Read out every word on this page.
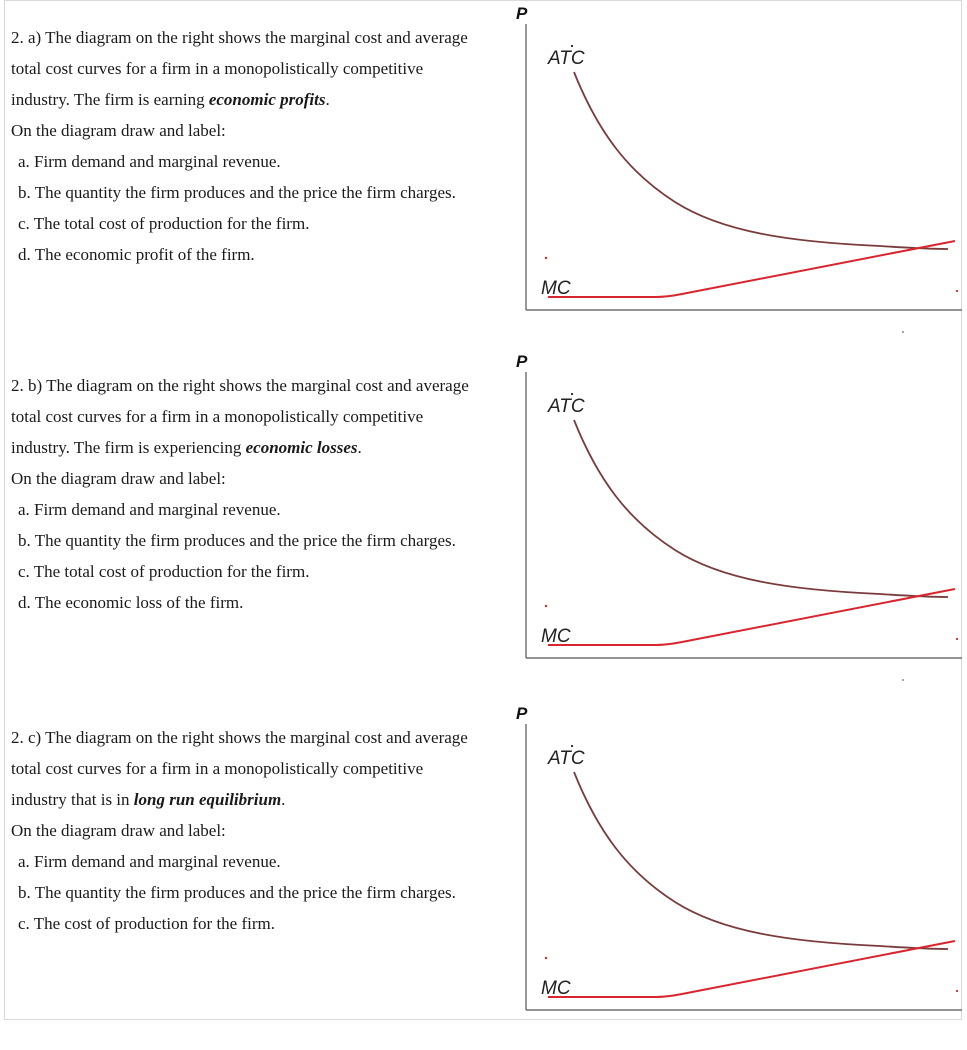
2. a) The diagram on the right shows the marginal cost and average

total cost curves for a firm in a monopolistically competitive

industry. The firm is earning economic profits.

On the diagram draw and label:

a. Firm demand and marginal revenue.

b. The quantity the firm produces and the price the firm charges.

c. The total cost of production for the firm.

d. The economic profit of the firm.

P
ATC
MC

2. b) The diagram on the right shows the marginal cost and average

total cost curves for a firm in a monopolistically competitive

industry. The firm is experiencing economic losses.

On the diagram draw and label:

a. Firm demand and marginal revenue.

b. The quantity the firm produces and the price the firm charges.

c. The total cost of production for the firm.

d. The economic loss of the firm.

P
ATC
MC

2. c) The diagram on the right shows the marginal cost and average

total cost curves for a firm in a monopolistically competitive

industry that is in long run equilibrium.

On the diagram draw and label:

a. Firm demand and marginal revenue.

b. The quantity the firm produces and the price the firm charges.

c. The cost of production for the firm.

P
ATC
MC
